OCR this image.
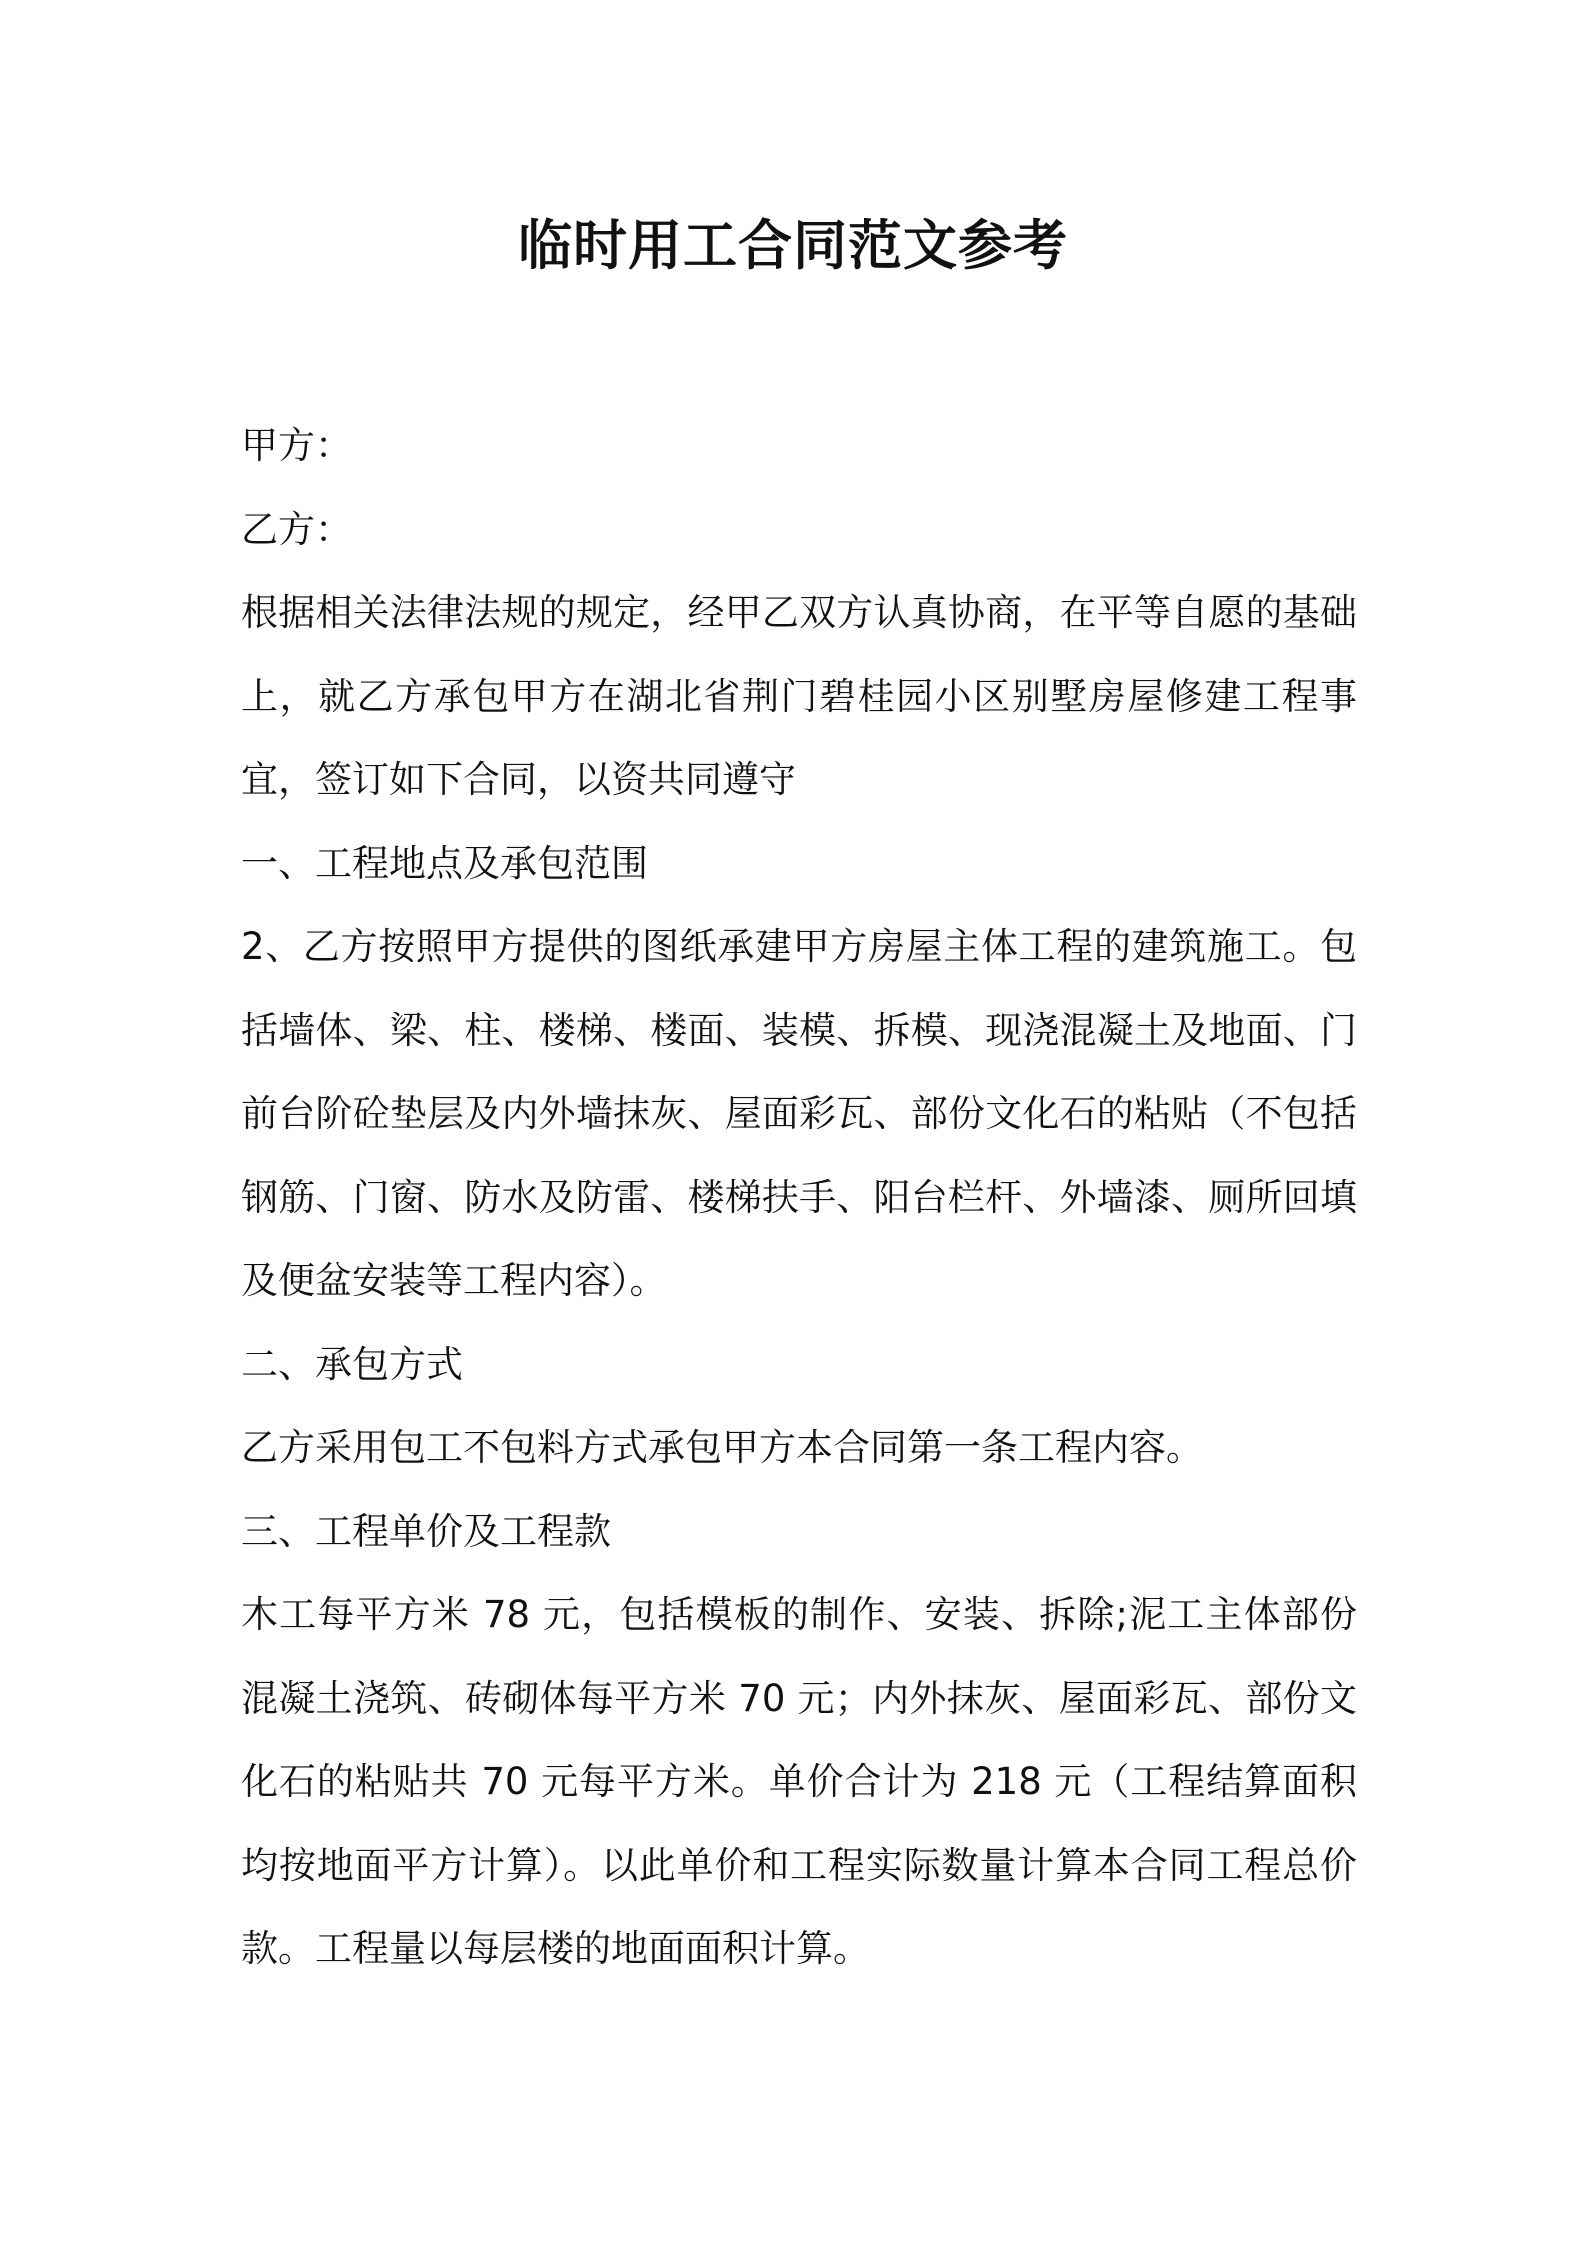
临时用工合同范文参考

甲方：

乙方：

根据相关法律法规的规定，经甲乙双方认真协商，在平等自愿的基础上，就乙方承包甲方在湖北省荆门碧桂园小区别墅房屋修建工程事宜，签订如下合同，以资共同遵守

一、工程地点及承包范围

2、乙方按照甲方提供的图纸承建甲方房屋主体工程的建筑施工。包括墙体、梁、柱、楼梯、楼面、装模、拆模、现浇混凝土及地面、门前台阶砼垫层及内外墙抹灰、屋面彩瓦、部份文化石的粘贴（不包括钢筋、门窗、防水及防雷、楼梯扶手、阳台栏杆、外墙漆、厕所回填及便盆安装等工程内容）。

二、承包方式

乙方采用包工不包料方式承包甲方本合同第一条工程内容。

三、工程单价及工程款

木工每平方米 78 元，包括模板的制作、安装、拆除;泥工主体部份混凝土浇筑、砖砌体每平方米 70 元；内外抹灰、屋面彩瓦、部份文化石的粘贴共 70 元每平方米。单价合计为 218 元（工程结算面积均按地面平方计算）。以此单价和工程实际数量计算本合同工程总价款。工程量以每层楼的地面面积计算。
